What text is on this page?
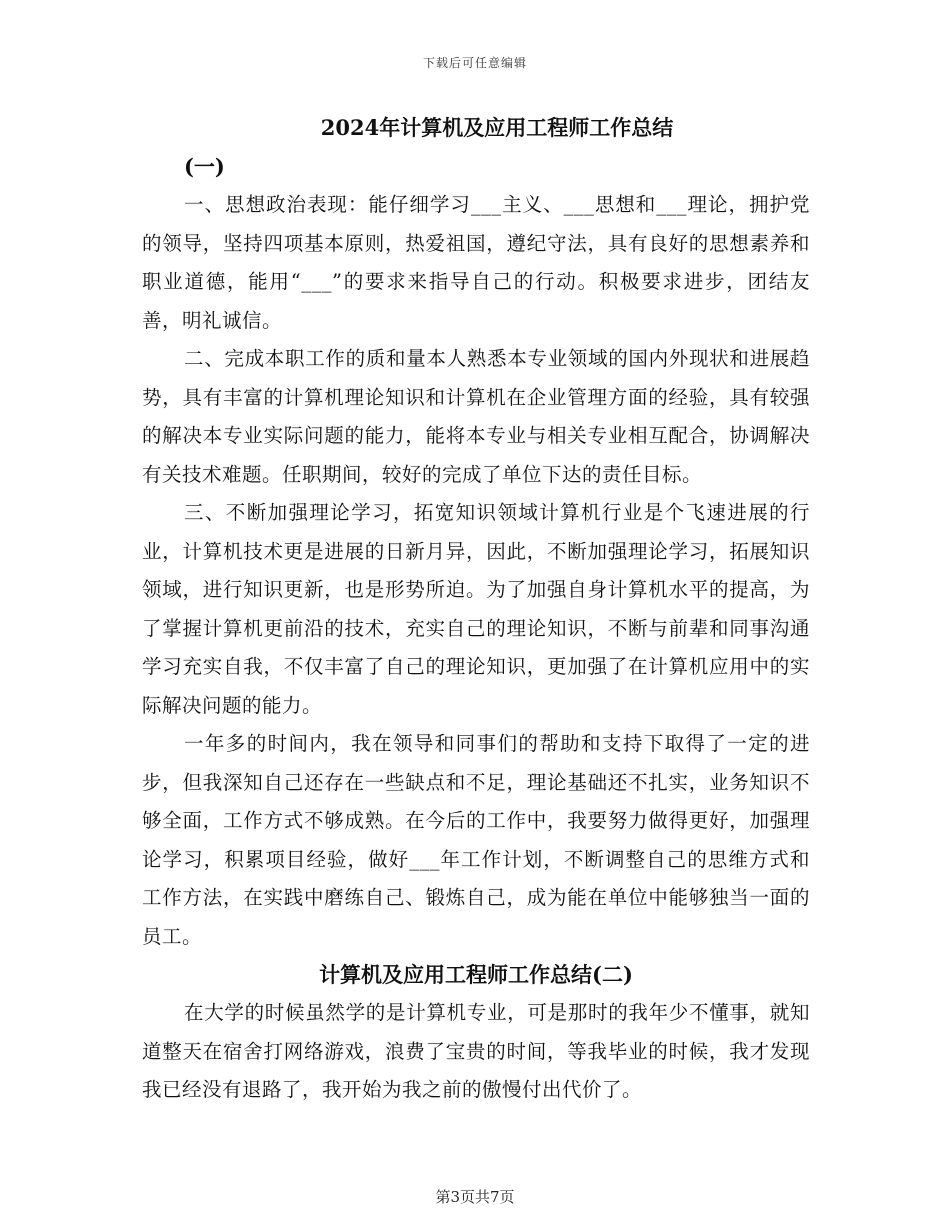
下载后可任意编辑
2024年计算机及应用工程师工作总结

(一)

一、思想政治表现：能仔细学习___主义、___思想和___理论，拥护党的领导，坚持四项基本原则，热爱祖国，遵纪守法，具有良好的思想素养和职业道德，能用“___”的要求来指导自己的行动。积极要求进步，团结友善，明礼诚信。

二、完成本职工作的质和量本人熟悉本专业领域的国内外现状和进展趋势，具有丰富的计算机理论知识和计算机在企业管理方面的经验，具有较强的解决本专业实际问题的能力，能将本专业与相关专业相互配合，协调解决有关技术难题。任职期间，较好的完成了单位下达的责任目标。

三、不断加强理论学习，拓宽知识领域计算机行业是个飞速进展的行业，计算机技术更是进展的日新月异，因此，不断加强理论学习，拓展知识领域，进行知识更新，也是形势所迫。为了加强自身计算机水平的提高，为了掌握计算机更前沿的技术，充实自己的理论知识，不断与前辈和同事沟通学习充实自我，不仅丰富了自己的理论知识，更加强了在计算机应用中的实际解决问题的能力。

一年多的时间内，我在领导和同事们的帮助和支持下取得了一定的进步，但我深知自己还存在一些缺点和不足，理论基础还不扎实，业务知识不够全面，工作方式不够成熟。在今后的工作中，我要努力做得更好，加强理论学习，积累项目经验，做好___年工作计划，不断调整自己的思维方式和工作方法，在实践中磨练自己、锻炼自己，成为能在单位中能够独当一面的员工。

计算机及应用工程师工作总结(二)

在大学的时候虽然学的是计算机专业，可是那时的我年少不懂事，就知道整天在宿舍打网络游戏，浪费了宝贵的时间，等我毕业的时候，我才发现我已经没有退路了，我开始为我之前的傲慢付出代价了。

第3页共7页
